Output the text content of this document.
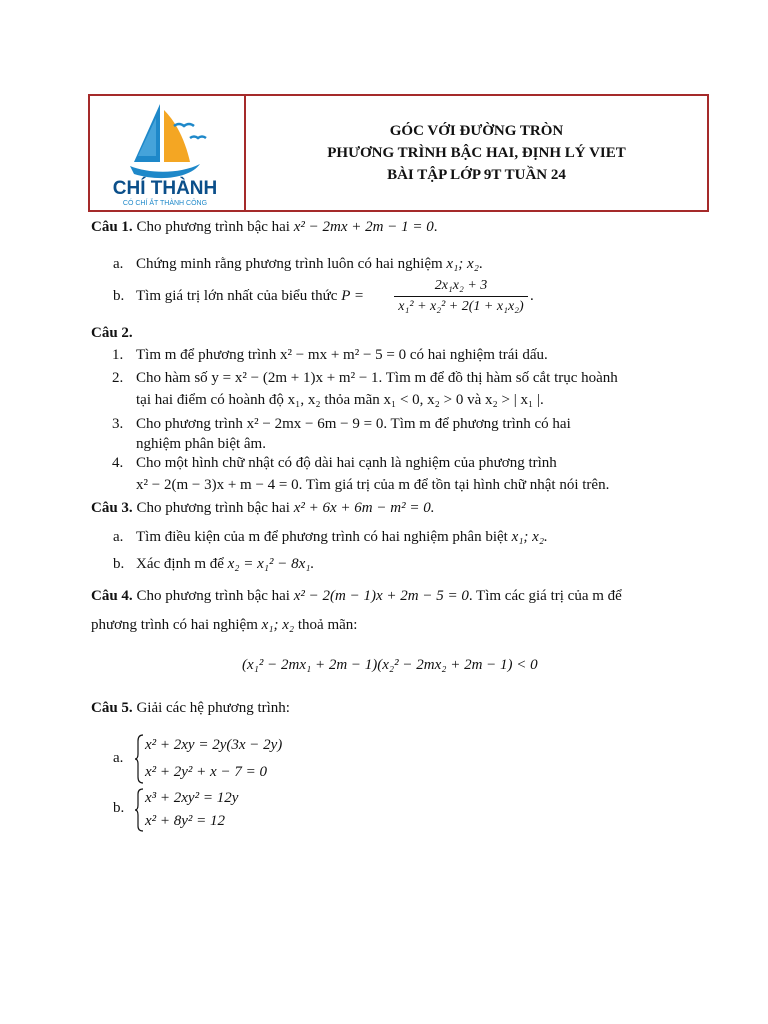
CHÍ THÀNH
CÓ CHÍ ẮT THÀNH CÔNG
GÓC VỚI ĐƯỜNG TRÒN
PHƯƠNG TRÌNH BẬC HAI, ĐỊNH LÝ VIET
BÀI TẬP LỚP 9T TUẦN 24
Câu 1. Cho phương trình bậc hai x² − 2mx + 2m − 1 = 0.
a. Chứng minh rằng phương trình luôn có hai nghiệm x₁; x₂.
b. Tìm giá trị lớn nhất của biểu thức $P = \frac{\text{2x₁x₂ + 3}}{\text{x₁² + x₂² + 2(1 + x₁x₂)}}$ .
Câu 2.
1. Tìm m để phương trình x² − mx + m² − 5 = 0 có hai nghiệm trái dấu.
2. Cho hàm số y = x² − (2m + 1)x + m² − 1. Tìm m để đồ thị hàm số cắt trục hoành
tại hai điểm có hoành độ x₁, x₂ thỏa mãn x₁ < 0, x₂ > 0 và x₂ > | x₁ |.
3. Cho phương trình x² − 2mx − 6m − 9 = 0. Tìm m để phương trình có hai
nghiệm phân biệt âm.
4. Cho một hình chữ nhật có độ dài hai cạnh là nghiệm của phương trình
x² − 2(m − 3)x + m − 4 = 0. Tìm giá trị của m để tồn tại hình chữ nhật nói trên.
Câu 3. Cho phương trình bậc hai x² + 6x + 6m − m² = 0.
a. Tìm điều kiện của m để phương trình có hai nghiệm phân biệt x₁; x₂.
b. Xác định m để x₂ = x₁² − 8x₁.
Câu 4. Cho phương trình bậc hai x² − 2(m − 1)x + 2m − 5 = 0. Tìm các giá trị của m để
phương trình có hai nghiệm x₁; x₂ thoả mãn:
(x₁² − 2mx₁ + 2m − 1)(x₂² − 2mx₂ + 2m − 1) < 0
Câu 5. Giải các hệ phương trình:
a.
x² + 2xy = 2y(3x − 2y)
x² + 2y² + x − 7 = 0
b.
x³ + 2xy² = 12y
x² + 8y² = 12
